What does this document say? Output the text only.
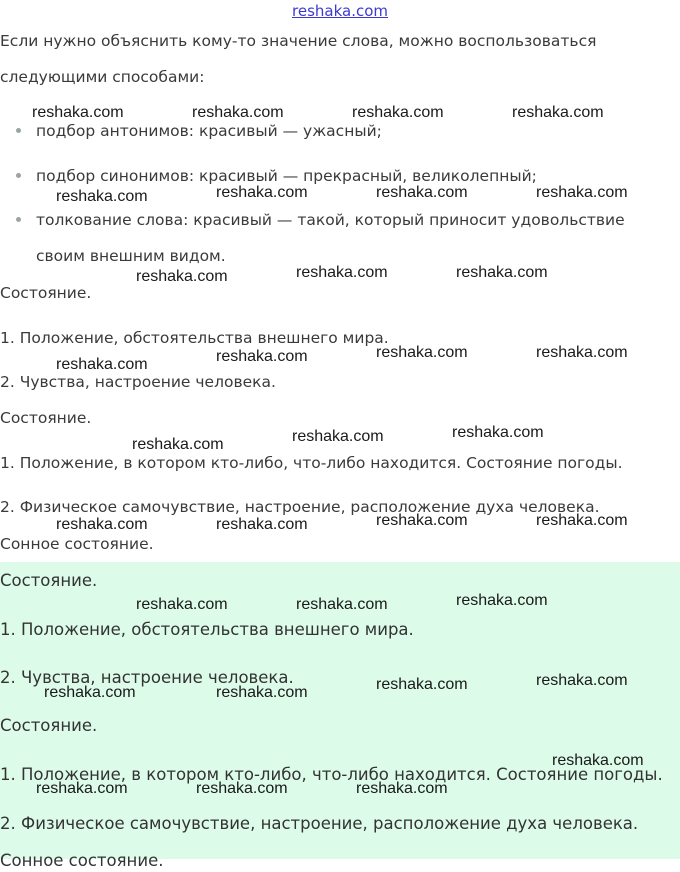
reshaka.com
Если нужно объяснить кому-то значение слова, можно воспользоваться
следующими способами:
подбор антонимов: красивый — ужасный;
подбор синонимов: красивый — прекрасный, великолепный;
толкование слова: красивый — такой, который приносит удовольствие
своим внешним видом.
Состояние.
1. Положение, обстоятельства внешнего мира.
2. Чувства, настроение человека.
Состояние.
1. Положение, в котором кто-либо, что-либо находится. Состояние погоды.
2. Физическое самочувствие, настроение, расположение духа человека.
Сонное состояние.
Состояние.
1. Положение, обстоятельства внешнего мира.
2. Чувства, настроение человека.
Состояние.
1. Положение, в котором кто-либо, что-либо находится. Состояние погоды.
2. Физическое самочувствие, настроение, расположение духа человека.
Сонное состояние.
reshaka.com	reshaka.com	reshaka.com	reshaka.com
reshaka.com	reshaka.com	reshaka.com	reshaka.com
reshaka.com	reshaka.com	reshaka.com
reshaka.com	reshaka.com	reshaka.com	reshaka.com
reshaka.com	reshaka.com	reshaka.com
reshaka.com	reshaka.com	reshaka.com	reshaka.com
reshaka.com	reshaka.com	reshaka.com
reshaka.com	reshaka.com	reshaka.com	reshaka.com
reshaka.com
reshaka.com	reshaka.com	reshaka.com
